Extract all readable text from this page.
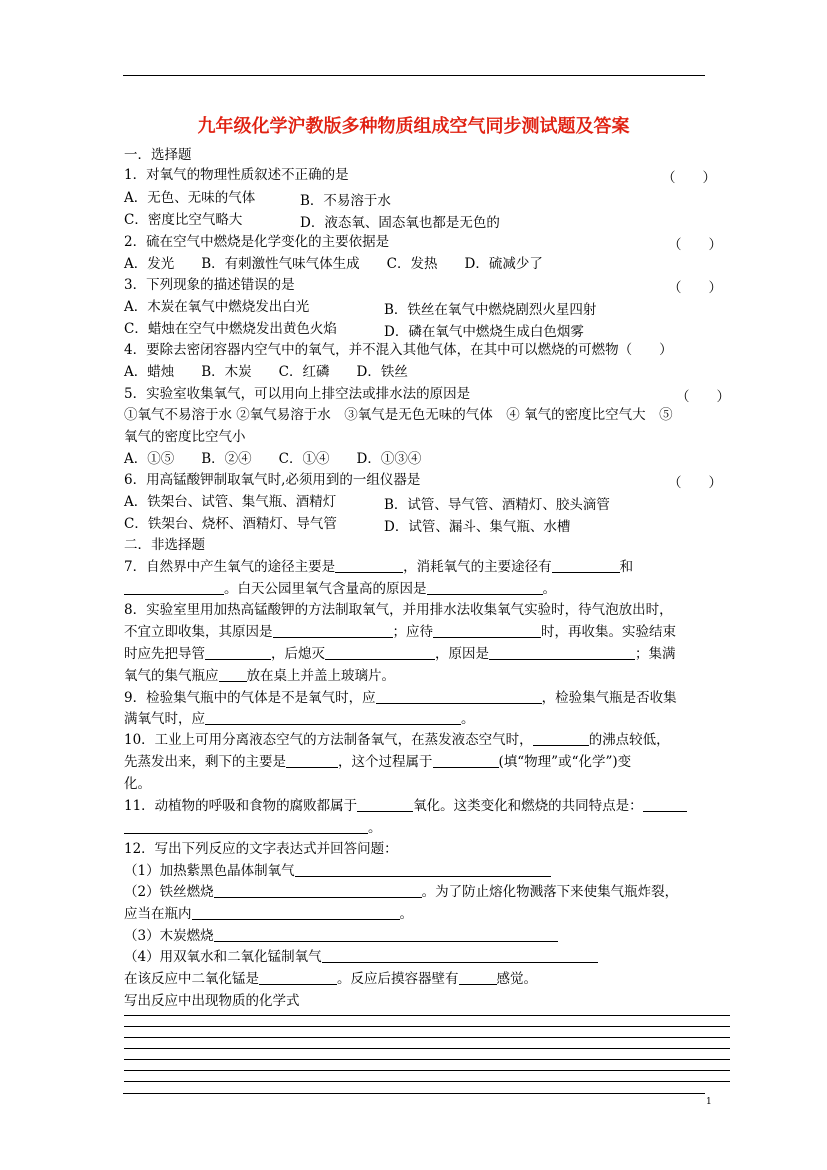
九年级化学沪教版多种物质组成空气同步测试题及答案
一．选择题
1．对氧气的物理性质叙述不正确的是	（　　）
A．无色、无味的气体	B．不易溶于水
C．密度比空气略大	D．液态氧、固态氧也都是无色的
2．硫在空气中燃烧是化学变化的主要依据是	（　　）
A．发光　　B．有刺激性气味气体生成　　C．发热　　D．硫减少了
3．下列现象的描述错误的是	（　　）
A．木炭在氧气中燃烧发出白光	B．铁丝在氧气中燃烧剧烈火星四射
C．蜡烛在空气中燃烧发出黄色火焰	D．磷在氧气中燃烧生成白色烟雾
4．要除去密闭容器内空气中的氧气，并不混入其他气体，在其中可以燃烧的可燃物（　　）
A．蜡烛　　B．木炭　　C．红磷　　D．铁丝
5．实验室收集氧气，可以用向上排空法或排水法的原因是	（　　）
①氧气不易溶于水 ②氧气易溶于水　③氧气是无色无味的气体　④ 氧气的密度比空气大　⑤
氧气的密度比空气小
A．①⑤　　B．②④　　C．①④　　D．①③④
6．用高锰酸钾制取氧气时,必须用到的一组仪器是	（　　）
A．铁架台、试管、集气瓶、酒精灯	B．试管、导气管、酒精灯、胶头滴管
C．铁架台、烧杯、酒精灯、导气管	D．试管、漏斗、集气瓶、水槽
二．非选择题
7．自然界中产生氧气的途径主要是	，消耗氧气的主要途径有	和
。白天公园里氧气含量高的原因是	。
8．实验室里用加热高锰酸钾的方法制取氧气，并用排水法收集氧气实验时，待气泡放出时，
不宜立即收集，其原因是	；应待	时，再收集。实验结束
时应先把导管	，后熄灭	，原因是	；集满
氧气的集气瓶应 放在桌上并盖上玻璃片。
9．检验集气瓶中的气体是不是氧气时，应	，检验集气瓶是否收集
满氧气时，应	。
10．工业上可用分离液态空气的方法制备氧气，在蒸发液态空气时，	的沸点较低，
先蒸发出来，剩下的主要是	，这个过程属于	(填“物理”或“化学”)变
化。
11．动植物的呼吸和食物的腐败都属于	氧化。这类变化和燃烧的共同特点是：
。
12．写出下列反应的文字表达式并回答问题：
（1）加热紫黑色晶体制氧气
（2）铁丝燃烧	。为了防止熔化物溅落下来使集气瓶炸裂，
应当在瓶内	。
（3）木炭燃烧
（4）用双氧水和二氧化锰制氧气
在该反应中二氧化锰是	。反应后摸容器壁有	感觉。
写出反应中出现物质的化学式
1
